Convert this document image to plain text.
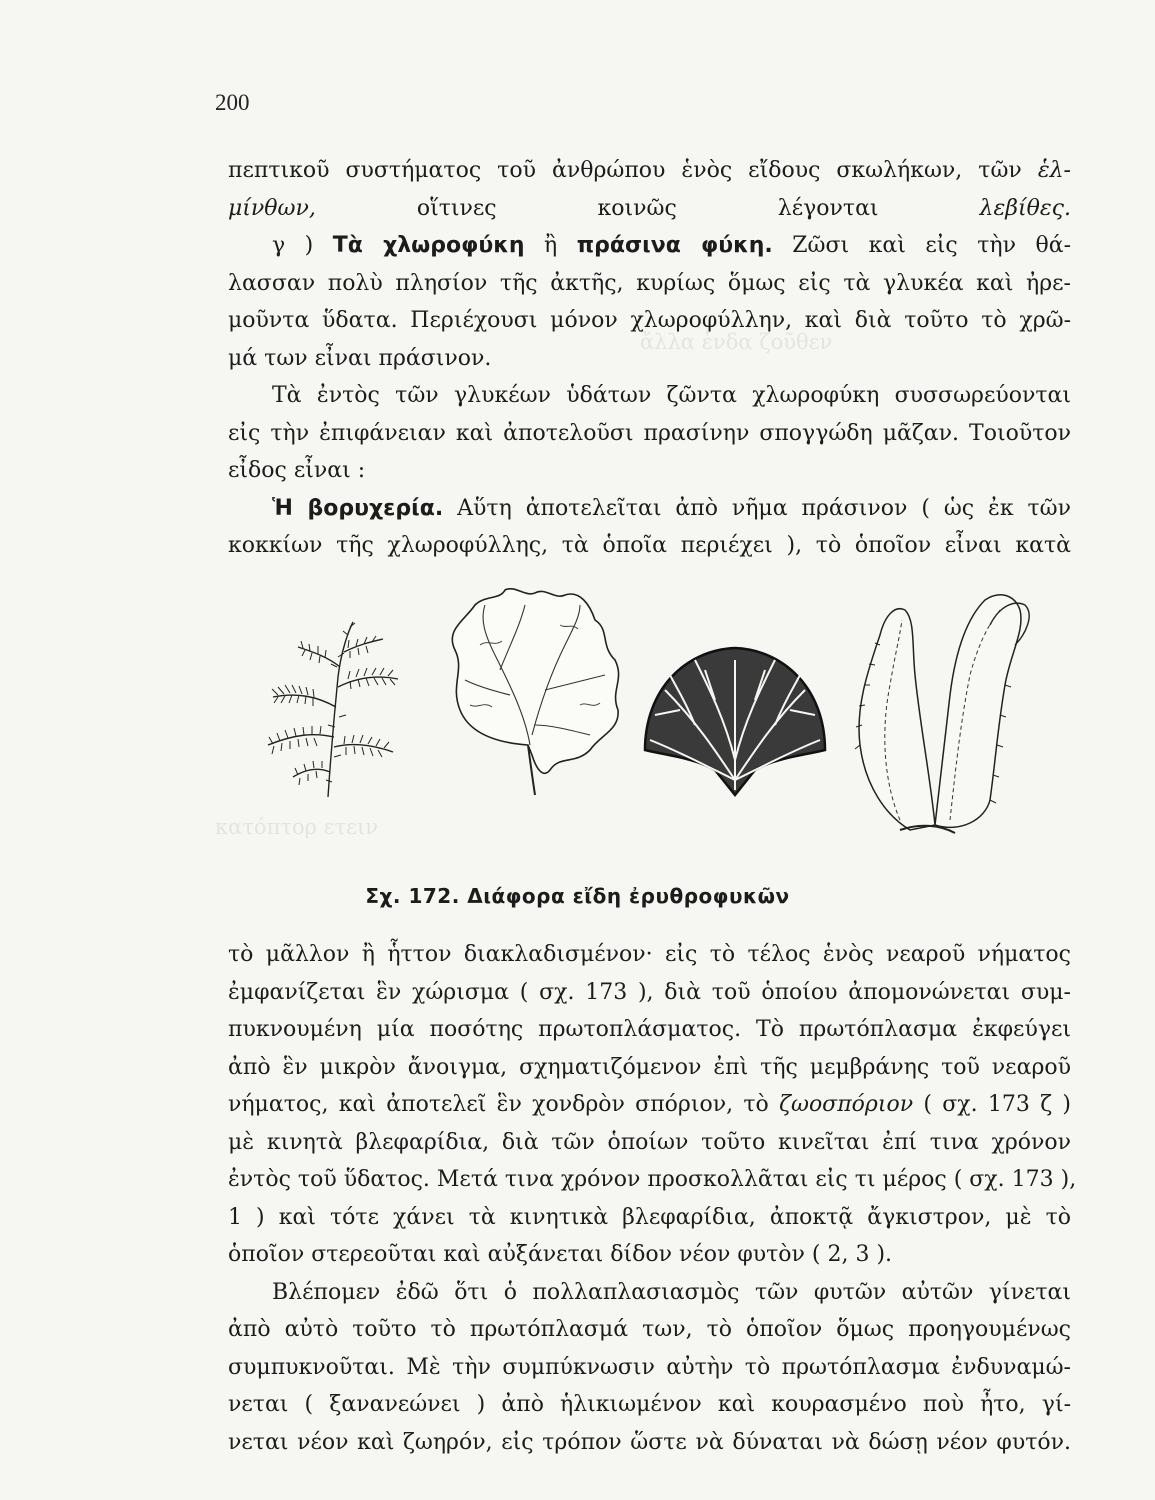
κατόπτορ ετειν
ἄλλα ἐνδα ζοῦθεν
200
πεπτικοῦ συστήματος τοῦ ἀνθρώπου ἑνὸς εἴδους σκωλήκων, τῶν ἑλ-
μίνθων, οἵτινες κοινῶς λέγονται λεβίθες.
γ ) Τὰ χλωροφύκη ἢ πράσινα φύκη. Ζῶσι καὶ εἰς τὴν θά-
λασσαν πολὺ πλησίον τῆς ἀκτῆς, κυρίως ὅμως εἰς τὰ γλυκέα καὶ ἠρε-
μοῦντα ὕδατα. Περιέχουσι μόνον χλωροφύλλην, καὶ διὰ τοῦτο τὸ χρῶ-
μά των εἶναι πράσινον.
Τὰ ἐντὸς τῶν γλυκέων ὑδάτων ζῶντα χλωροφύκη συσσωρεύονται
εἰς τὴν ἐπιφάνειαν καὶ ἀποτελοῦσι πρασίνην σπογγώδη μᾶζαν. Τοιοῦτον
εἶδος εἶναι :
Ἡ βορυχερία. Αὕτη ἀποτελεῖται ἀπὸ νῆμα πράσινον ( ὡς ἐκ τῶν
κοκκίων τῆς χλωροφύλλης, τὰ ὁποῖα περιέχει ), τὸ ὁποῖον εἶναι κατὰ
Σχ. 172. Διάφορα εἴδη ἐρυθροφυκῶν
τὸ μᾶλλον ἢ ἧττον διακλαδισμένον· εἰς τὸ τέλος ἑνὸς νεαροῦ νήματος
ἐμφανίζεται ἓν χώρισμα ( σχ. 173 ), διὰ τοῦ ὁποίου ἀπομονώνεται συμ-
πυκνουμένη μία ποσότης πρωτοπλάσματος. Τὸ πρωτόπλασμα ἐκφεύγει
ἀπὸ ἓν μικρὸν ἄνοιγμα, σχηματιζόμενον ἐπὶ τῆς μεμβράνης τοῦ νεαροῦ
νήματος, καὶ ἀποτελεῖ ἓν χονδρὸν σπόριον, τὸ ζωοσπόριον ( σχ. 173 ζ )
μὲ κινητὰ βλεφαρίδια, διὰ τῶν ὁποίων τοῦτο κινεῖται ἐπί τινα χρόνον
ἐντὸς τοῦ ὕδατος. Μετά τινα χρόνον προσκολλᾶται εἰς τι μέρος ( σχ. 173 ),
1 ) καὶ τότε χάνει τὰ κινητικὰ βλεφαρίδια, ἀποκτᾷ ἄγκιστρον, μὲ τὸ
ὁποῖον στερεοῦται καὶ αὐξάνεται δίδον νέον φυτὸν ( 2, 3 ).
Βλέπομεν ἐδῶ ὅτι ὁ πολλαπλασιασμὸς τῶν φυτῶν αὐτῶν γίνεται
ἀπὸ αὐτὸ τοῦτο τὸ πρωτόπλασμά των, τὸ ὁποῖον ὅμως προηγουμένως
συμπυκνοῦται. Μὲ τὴν συμπύκνωσιν αὐτὴν τὸ πρωτόπλασμα ἐνδυναμώ-
νεται ( ξανανεώνει ) ἀπὸ ἡλικιωμένον καὶ κουρασμένο ποὺ ἦτο, γί-
νεται νέον καὶ ζωηρόν, εἰς τρόπον ὥστε νὰ δύναται νὰ δώσῃ νέον φυτόν.
